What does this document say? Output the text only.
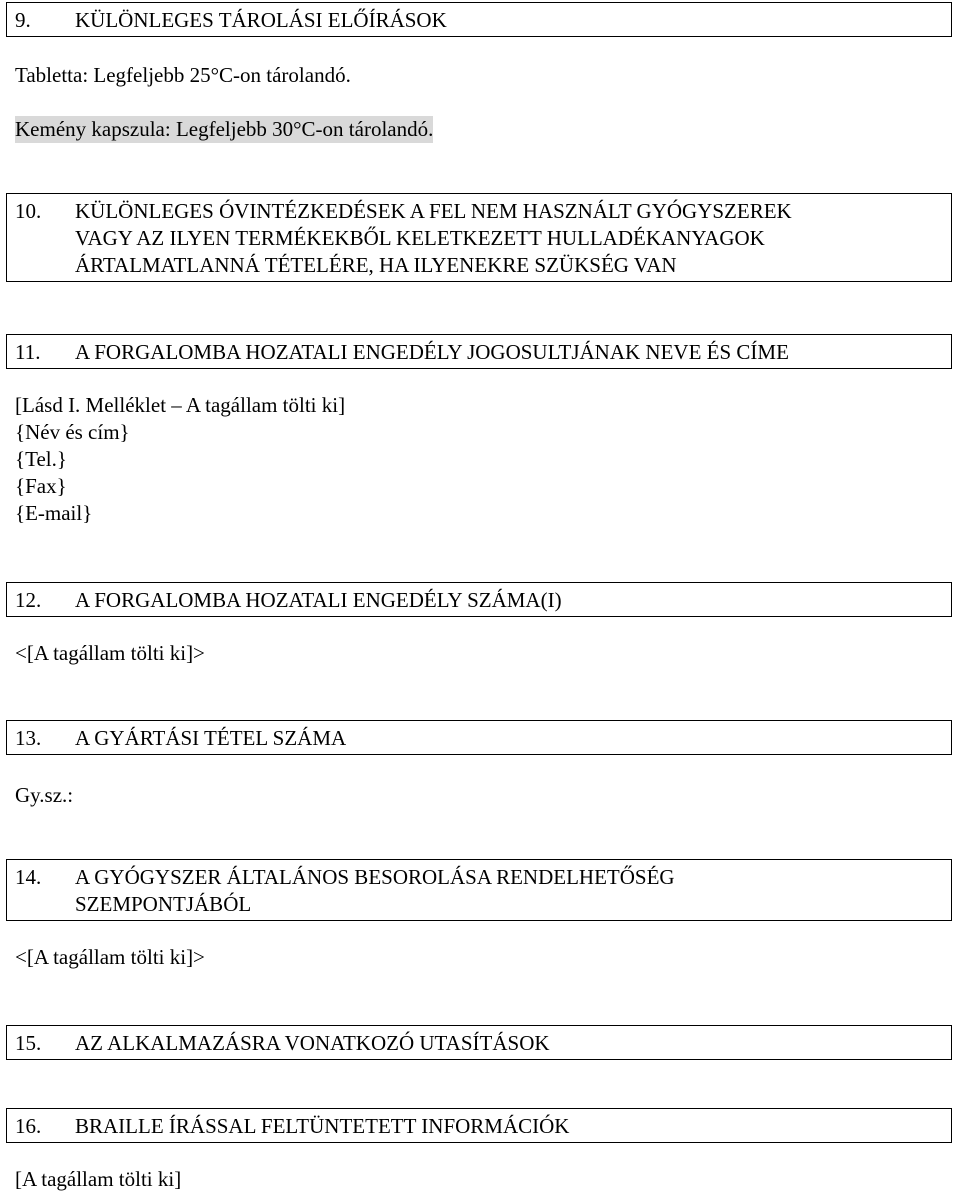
9.	KÜLÖNLEGES TÁROLÁSI ELŐÍRÁSOK
Tabletta: Legfeljebb 25°C-on tárolandó.
Kemény kapszula: Legfeljebb 30°C-on tárolandó.
10.	KÜLÖNLEGES ÓVINTÉZKEDÉSEK A FEL NEM HASZNÁLT GYÓGYSZEREK
VAGY AZ ILYEN TERMÉKEKBŐL KELETKEZETT HULLADÉKANYAGOK
ÁRTALMATLANNÁ TÉTELÉRE, HA ILYENEKRE SZÜKSÉG VAN
11.	A FORGALOMBA HOZATALI ENGEDÉLY JOGOSULTJÁNAK NEVE ÉS CÍME
[Lásd I. Melléklet – A tagállam tölti ki]
{Név és cím}
{Tel.}
{Fax}
{E-mail}
12.	A FORGALOMBA HOZATALI ENGEDÉLY SZÁMA(I)
<[A tagállam tölti ki]>
13.	A GYÁRTÁSI TÉTEL SZÁMA
Gy.sz.:
14.	A GYÓGYSZER ÁLTALÁNOS BESOROLÁSA RENDELHETŐSÉG
SZEMPONTJÁBÓL
<[A tagállam tölti ki]>
15.	AZ ALKALMAZÁSRA VONATKOZÓ UTASÍTÁSOK
16.	BRAILLE ÍRÁSSAL FELTÜNTETETT INFORMÁCIÓK
[A tagállam tölti ki]
